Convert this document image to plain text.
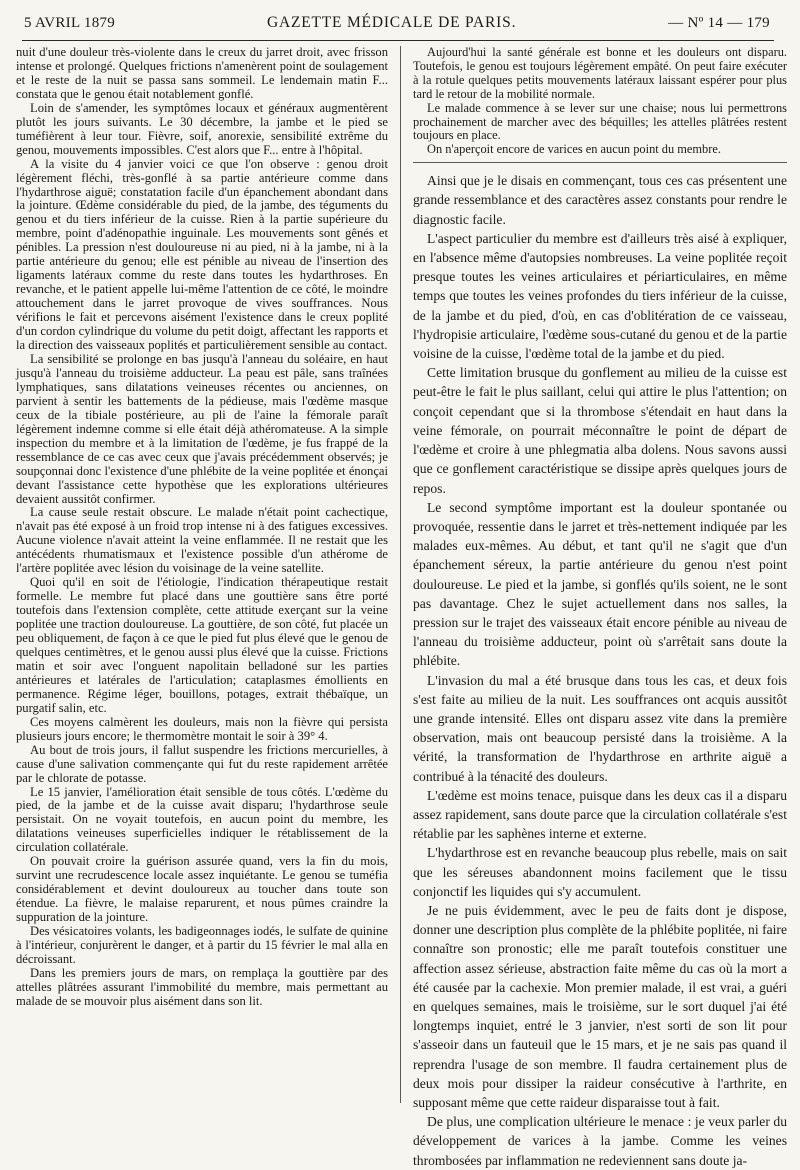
5 AVRIL 1879	GAZETTE MÉDICALE DE PARIS.	— Nº 14 — 179

nuit d'une douleur très-violente dans le creux du jarret droit, avec frisson intense et prolongé. Quelques frictions n'amenèrent point de soulagement et le reste de la nuit se passa sans sommeil. Le lendemain matin F... constata que le genou était notablement gonflé.

Loin de s'amender, les symptômes locaux et généraux augmentèrent plutôt les jours suivants. Le 30 décembre, la jambe et le pied se tuméfièrent à leur tour. Fièvre, soif, anorexie, sensibilité extrême du genou, mouvements impossibles. C'est alors que F... entre à l'hôpital.

A la visite du 4 janvier voici ce que l'on observe : genou droit légèrement fléchi, très-gonflé à sa partie antérieure comme dans l'hydarthrose aiguë; constatation facile d'un épanchement abondant dans la jointure. Œdème considérable du pied, de la jambe, des téguments du genou et du tiers inférieur de la cuisse. Rien à la partie supérieure du membre, point d'adénopathie inguinale. Les mouvements sont gênés et pénibles. La pression n'est douloureuse ni au pied, ni à la jambe, ni à la partie antérieure du genou; elle est pénible au niveau de l'insertion des ligaments latéraux comme du reste dans toutes les hydarthroses. En revanche, et le patient appelle lui-même l'attention de ce côté, le moindre attouchement dans le jarret provoque de vives souffrances. Nous vérifions le fait et percevons aisément l'existence dans le creux poplité d'un cordon cylindrique du volume du petit doigt, affectant les rapports et la direction des vaisseaux poplités et particulièrement sensible au contact.

La sensibilité se prolonge en bas jusqu'à l'anneau du soléaire, en haut jusqu'à l'anneau du troisième adducteur. La peau est pâle, sans traînées lymphatiques, sans dilatations veineuses récentes ou anciennes, on parvient à sentir les battements de la pédieuse, mais l'œdème masque ceux de la tibiale postérieure, au pli de l'aine la fémorale paraît légèrement indemne comme si elle était déjà athéromateuse. A la simple inspection du membre et à la limitation de l'œdème, je fus frappé de la ressemblance de ce cas avec ceux que j'avais précédemment observés; je soupçonnai donc l'existence d'une phlébite de la veine poplitée et énonçai devant l'assistance cette hypothèse que les explorations ultérieures devaient aussitôt confirmer.

La cause seule restait obscure. Le malade n'était point cachectique, n'avait pas été exposé à un froid trop intense ni à des fatigues excessives. Aucune violence n'avait atteint la veine enflammée. Il ne restait que les antécédents rhumatismaux et l'existence possible d'un athérome de l'artère poplitée avec lésion du voisinage de la veine satellite.

Quoi qu'il en soit de l'étiologie, l'indication thérapeutique restait formelle. Le membre fut placé dans une gouttière sans être porté toutefois dans l'extension complète, cette attitude exerçant sur la veine poplitée une traction douloureuse. La gouttière, de son côté, fut placée un peu obliquement, de façon à ce que le pied fut plus élevé que le genou de quelques centimètres, et le genou aussi plus élevé que la cuisse. Frictions matin et soir avec l'onguent napolitain belladoné sur les parties antérieures et latérales de l'articulation; cataplasmes émollients en permanence. Régime léger, bouillons, potages, extrait thébaïque, un purgatif salin, etc.

Ces moyens calmèrent les douleurs, mais non la fièvre qui persista plusieurs jours encore; le thermomètre montait le soir à 39° 4.

Au bout de trois jours, il fallut suspendre les frictions mercurielles, à cause d'une salivation commençante qui fut du reste rapidement arrêtée par le chlorate de potasse.

Le 15 janvier, l'amélioration était sensible de tous côtés. L'œdème du pied, de la jambe et de la cuisse avait disparu; l'hydarthrose seule persistait. On ne voyait toutefois, en aucun point du membre, les dilatations veineuses superficielles indiquer le rétablissement de la circulation collatérale.

On pouvait croire la guérison assurée quand, vers la fin du mois, survint une recrudescence locale assez inquiétante. Le genou se tuméfia considérablement et devint douloureux au toucher dans toute son étendue. La fièvre, le malaise reparurent, et nous pûmes craindre la suppuration de la jointure.

Des vésicatoires volants, les badigeonnages iodés, le sulfate de quinine à l'intérieur, conjurèrent le danger, et à partir du 15 février le mal alla en décroissant.

Dans les premiers jours de mars, on remplaça la gouttière par des attelles plâtrées assurant l'immobilité du membre, mais permettant au malade de se mouvoir plus aisément dans son lit.

Aujourd'hui la santé générale est bonne et les douleurs ont disparu. Toutefois, le genou est toujours légèrement empâté. On peut faire exécuter à la rotule quelques petits mouvements latéraux laissant espérer pour plus tard le retour de la mobilité normale.

Le malade commence à se lever sur une chaise; nous lui permettrons prochainement de marcher avec des béquilles; les attelles plâtrées restent toujours en place.

On n'aperçoit encore de varices en aucun point du membre.

Ainsi que je le disais en commençant, tous ces cas présentent une grande ressemblance et des caractères assez constants pour rendre le diagnostic facile.

L'aspect particulier du membre est d'ailleurs très aisé à expliquer, en l'absence même d'autopsies nombreuses. La veine poplitée reçoit presque toutes les veines articulaires et périarticulaires, en même temps que toutes les veines profondes du tiers inférieur de la cuisse, de la jambe et du pied, d'où, en cas d'oblitération de ce vaisseau, l'hydropisie articulaire, l'œdème sous-cutané du genou et de la partie voisine de la cuisse, l'œdème total de la jambe et du pied.

Cette limitation brusque du gonflement au milieu de la cuisse est peut-être le fait le plus saillant, celui qui attire le plus l'attention; on conçoit cependant que si la thrombose s'étendait en haut dans la veine fémorale, on pourrait méconnaître le point de départ de l'œdème et croire à une phlegmatia alba dolens. Nous savons aussi que ce gonflement caractéristique se dissipe après quelques jours de repos.

Le second symptôme important est la douleur spontanée ou provoquée, ressentie dans le jarret et très-nettement indiquée par les malades eux-mêmes. Au début, et tant qu'il ne s'agit que d'un épanchement séreux, la partie antérieure du genou n'est point douloureuse. Le pied et la jambe, si gonflés qu'ils soient, ne le sont pas davantage. Chez le sujet actuellement dans nos salles, la pression sur le trajet des vaisseaux était encore pénible au niveau de l'anneau du troisième adducteur, point où s'arrêtait sans doute la phlébite.

L'invasion du mal a été brusque dans tous les cas, et deux fois s'est faite au milieu de la nuit. Les souffrances ont acquis aussitôt une grande intensité. Elles ont disparu assez vite dans la première observation, mais ont beaucoup persisté dans la troisième. A la vérité, la transformation de l'hydarthrose en arthrite aiguë a contribué à la ténacité des douleurs.

L'œdème est moins tenace, puisque dans les deux cas il a disparu assez rapidement, sans doute parce que la circulation collatérale s'est rétablie par les saphènes interne et externe.

L'hydarthrose est en revanche beaucoup plus rebelle, mais on sait que les séreuses abandonnent moins facilement que le tissu conjonctif les liquides qui s'y accumulent.

Je ne puis évidemment, avec le peu de faits dont je dispose, donner une description plus complète de la phlébite poplitée, ni faire connaître son pronostic; elle me paraît toutefois constituer une affection assez sérieuse, abstraction faite même du cas où la mort a été causée par la cachexie. Mon premier malade, il est vrai, a guéri en quelques semaines, mais le troisième, sur le sort duquel j'ai été longtemps inquiet, entré le 3 janvier, n'est sorti de son lit pour s'asseoir dans un fauteuil que le 15 mars, et je ne sais pas quand il reprendra l'usage de son membre. Il faudra certainement plus de deux mois pour dissiper la raideur consécutive à l'arthrite, en supposant même que cette raideur disparaisse tout à fait.

De plus, une complication ultérieure le menace : je veux parler du développement de varices à la jambe. Comme les veines thrombosées par inflammation ne redeviennent sans doute ja-
